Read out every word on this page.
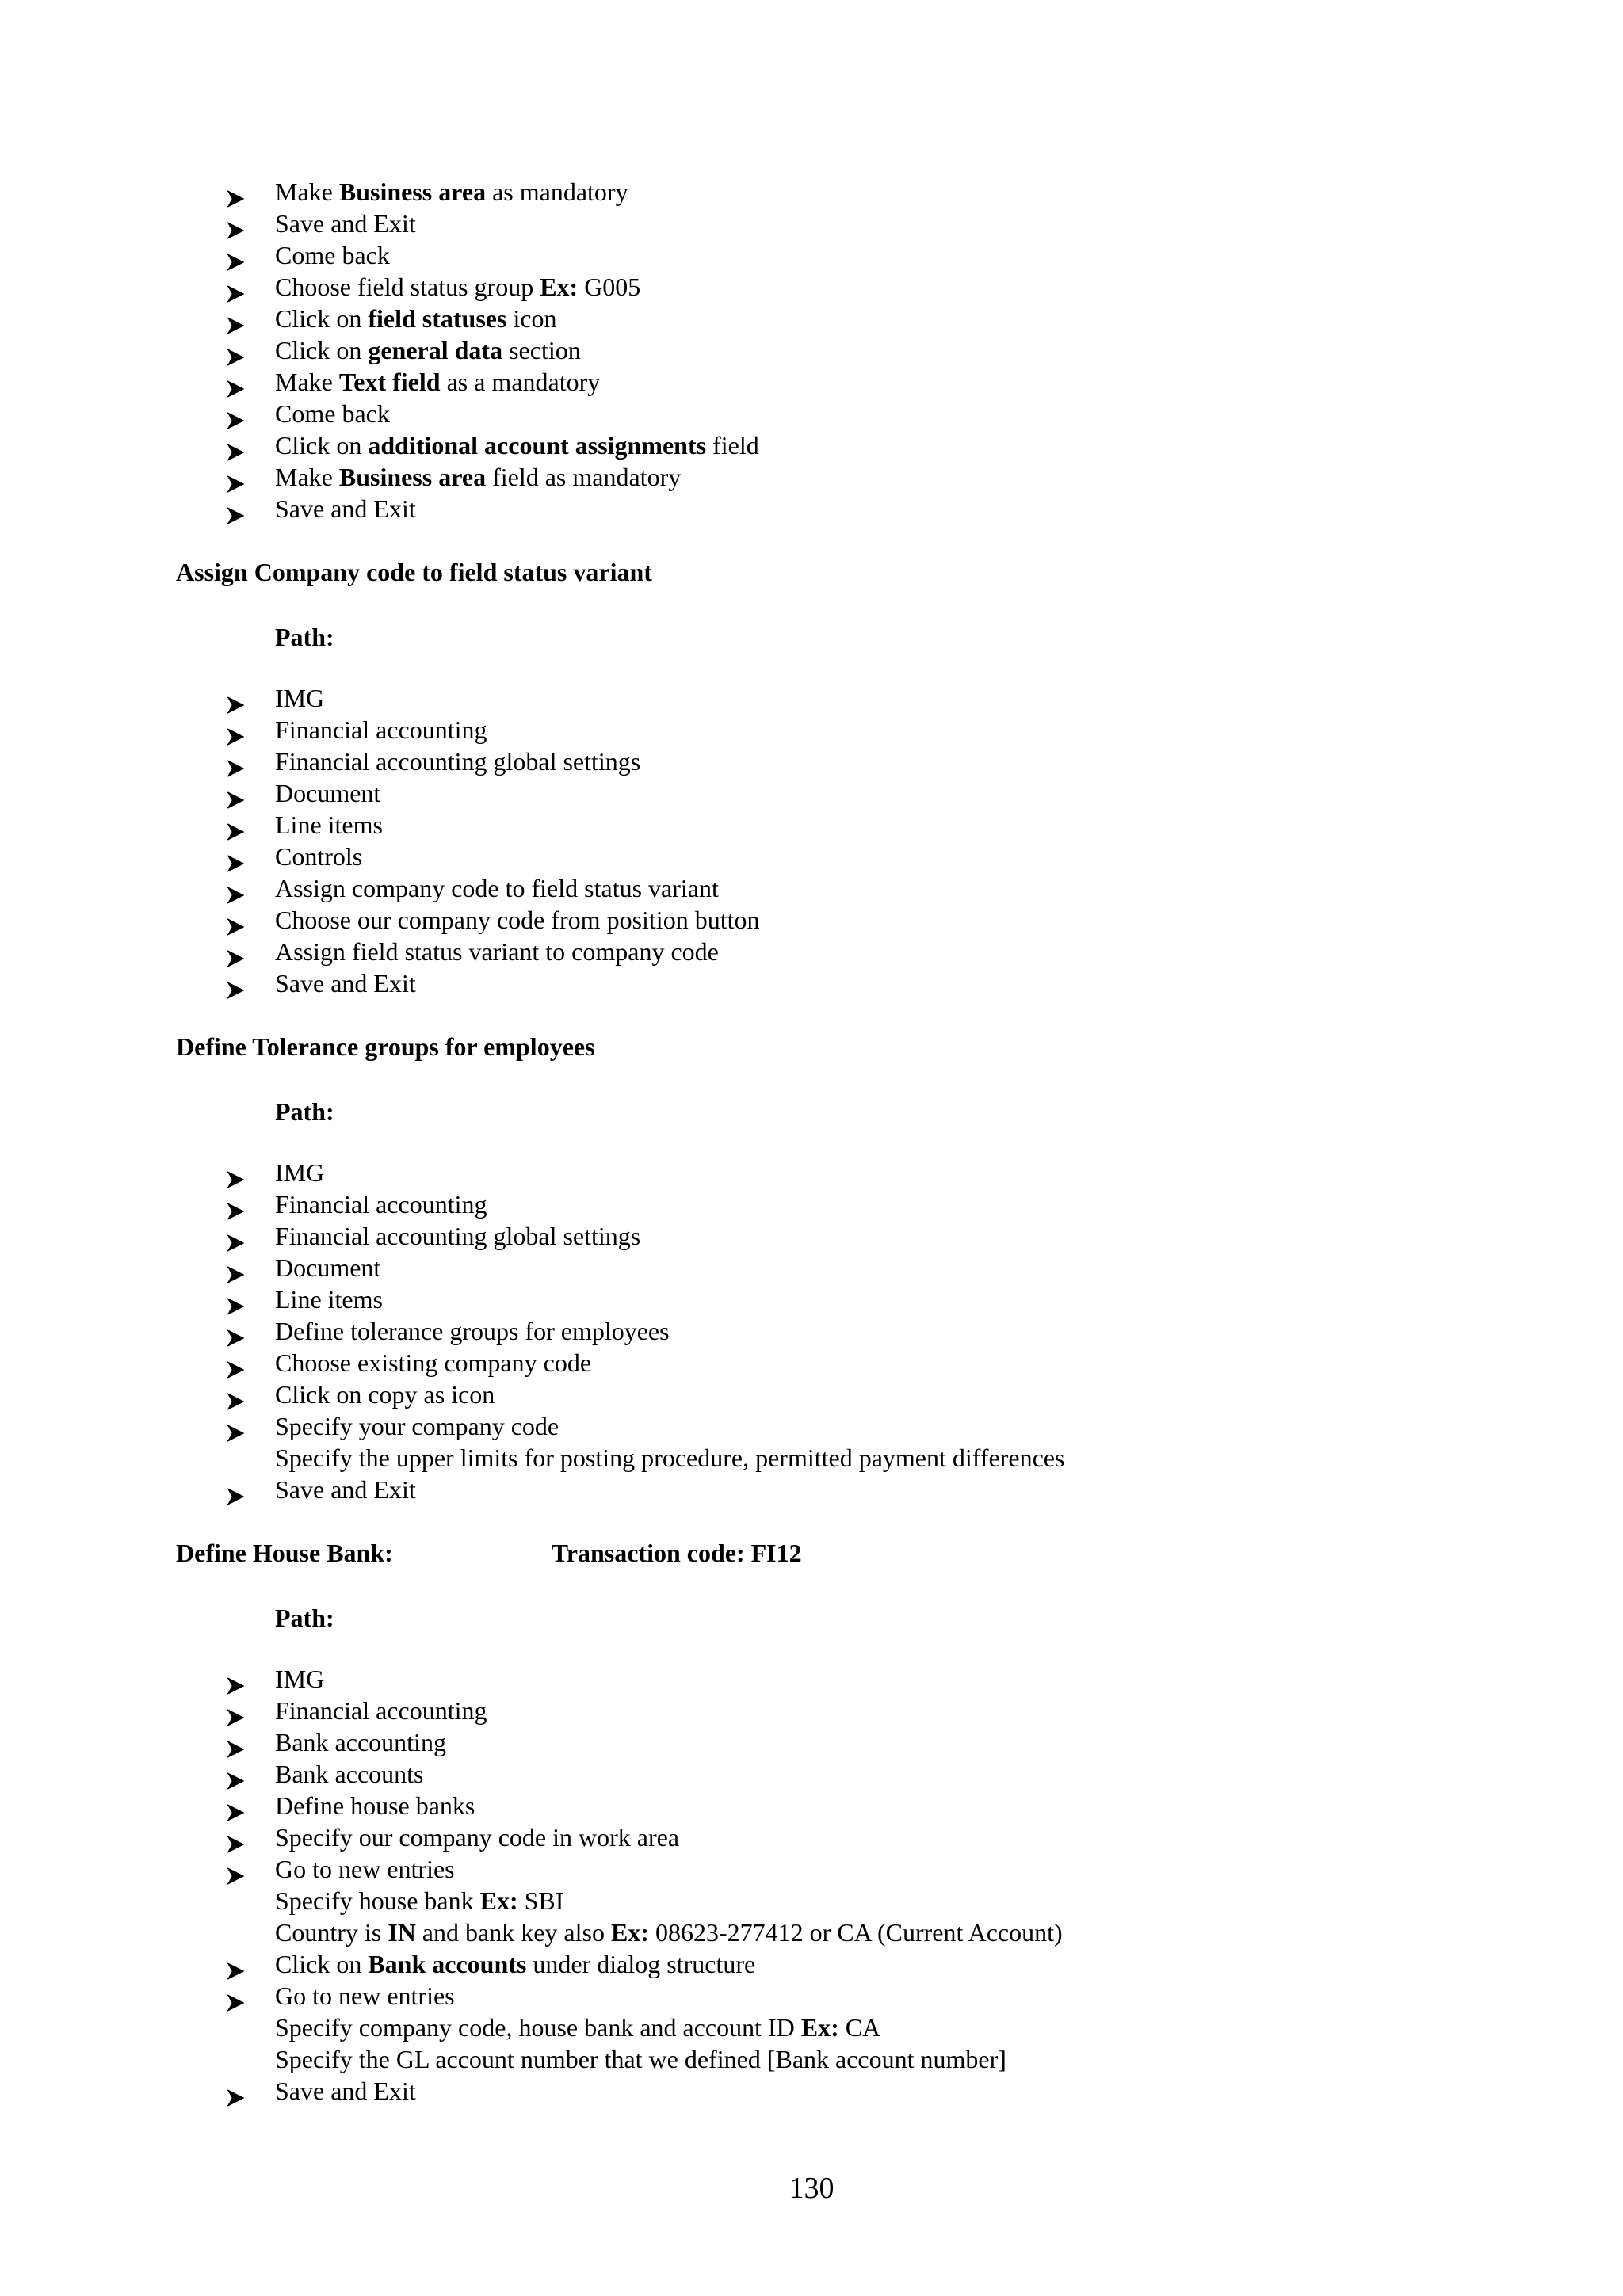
Make Business area as mandatory
Save and Exit
Come back
Choose field status group Ex: G005
Click on field statuses icon
Click on general data section
Make Text field as a mandatory
Come back
Click on additional account assignments field
Make Business area field as mandatory
Save and Exit
Assign Company code to field status variant
Path:
IMG
Financial accounting
Financial accounting global settings
Document
Line items
Controls
Assign company code to field status variant
Choose our company code from position button
Assign field status variant to company code
Save and Exit
Define Tolerance groups for employees
Path:
IMG
Financial accounting
Financial accounting global settings
Document
Line items
Define tolerance groups for employees
Choose existing company code
Click on copy as icon
Specify your company code
Specify the upper limits for posting procedure, permitted payment differences
Save and Exit
Define House Bank:	Transaction code: FI12
Path:
IMG
Financial accounting
Bank accounting
Bank accounts
Define house banks
Specify our company code in work area
Go to new entries
Specify house bank Ex: SBI
Country is IN and bank key also Ex: 08623-277412 or CA (Current Account)
Click on Bank accounts under dialog structure
Go to new entries
Specify company code, house bank and account ID Ex: CA
Specify the GL account number that we defined [Bank account number]
Save and Exit
130
